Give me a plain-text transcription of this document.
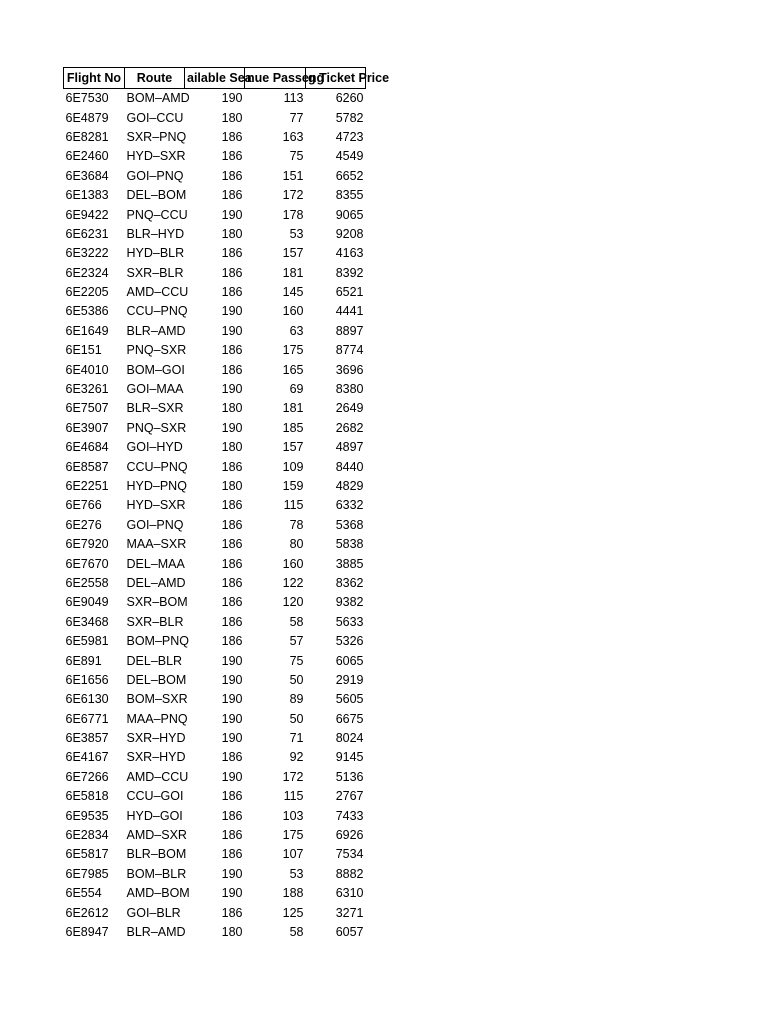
Flight No	Route	ailable Sea	nue Passeng	g Ticket Price
6E7530	BOM–AMD	190	113	6260
6E4879	GOI–CCU	180	77	5782
6E8281	SXR–PNQ	186	163	4723
6E2460	HYD–SXR	186	75	4549
6E3684	GOI–PNQ	186	151	6652
6E1383	DEL–BOM	186	172	8355
6E9422	PNQ–CCU	190	178	9065
6E6231	BLR–HYD	180	53	9208
6E3222	HYD–BLR	186	157	4163
6E2324	SXR–BLR	186	181	8392
6E2205	AMD–CCU	186	145	6521
6E5386	CCU–PNQ	190	160	4441
6E1649	BLR–AMD	190	63	8897
6E151	PNQ–SXR	186	175	8774
6E4010	BOM–GOI	186	165	3696
6E3261	GOI–MAA	190	69	8380
6E7507	BLR–SXR	180	181	2649
6E3907	PNQ–SXR	190	185	2682
6E4684	GOI–HYD	180	157	4897
6E8587	CCU–PNQ	186	109	8440
6E2251	HYD–PNQ	180	159	4829
6E766	HYD–SXR	186	115	6332
6E276	GOI–PNQ	186	78	5368
6E7920	MAA–SXR	186	80	5838
6E7670	DEL–MAA	186	160	3885
6E2558	DEL–AMD	186	122	8362
6E9049	SXR–BOM	186	120	9382
6E3468	SXR–BLR	186	58	5633
6E5981	BOM–PNQ	186	57	5326
6E891	DEL–BLR	190	75	6065
6E1656	DEL–BOM	190	50	2919
6E6130	BOM–SXR	190	89	5605
6E6771	MAA–PNQ	190	50	6675
6E3857	SXR–HYD	190	71	8024
6E4167	SXR–HYD	186	92	9145
6E7266	AMD–CCU	190	172	5136
6E5818	CCU–GOI	186	115	2767
6E9535	HYD–GOI	186	103	7433
6E2834	AMD–SXR	186	175	6926
6E5817	BLR–BOM	186	107	7534
6E7985	BOM–BLR	190	53	8882
6E554	AMD–BOM	190	188	6310
6E2612	GOI–BLR	186	125	3271
6E8947	BLR–AMD	180	58	6057
